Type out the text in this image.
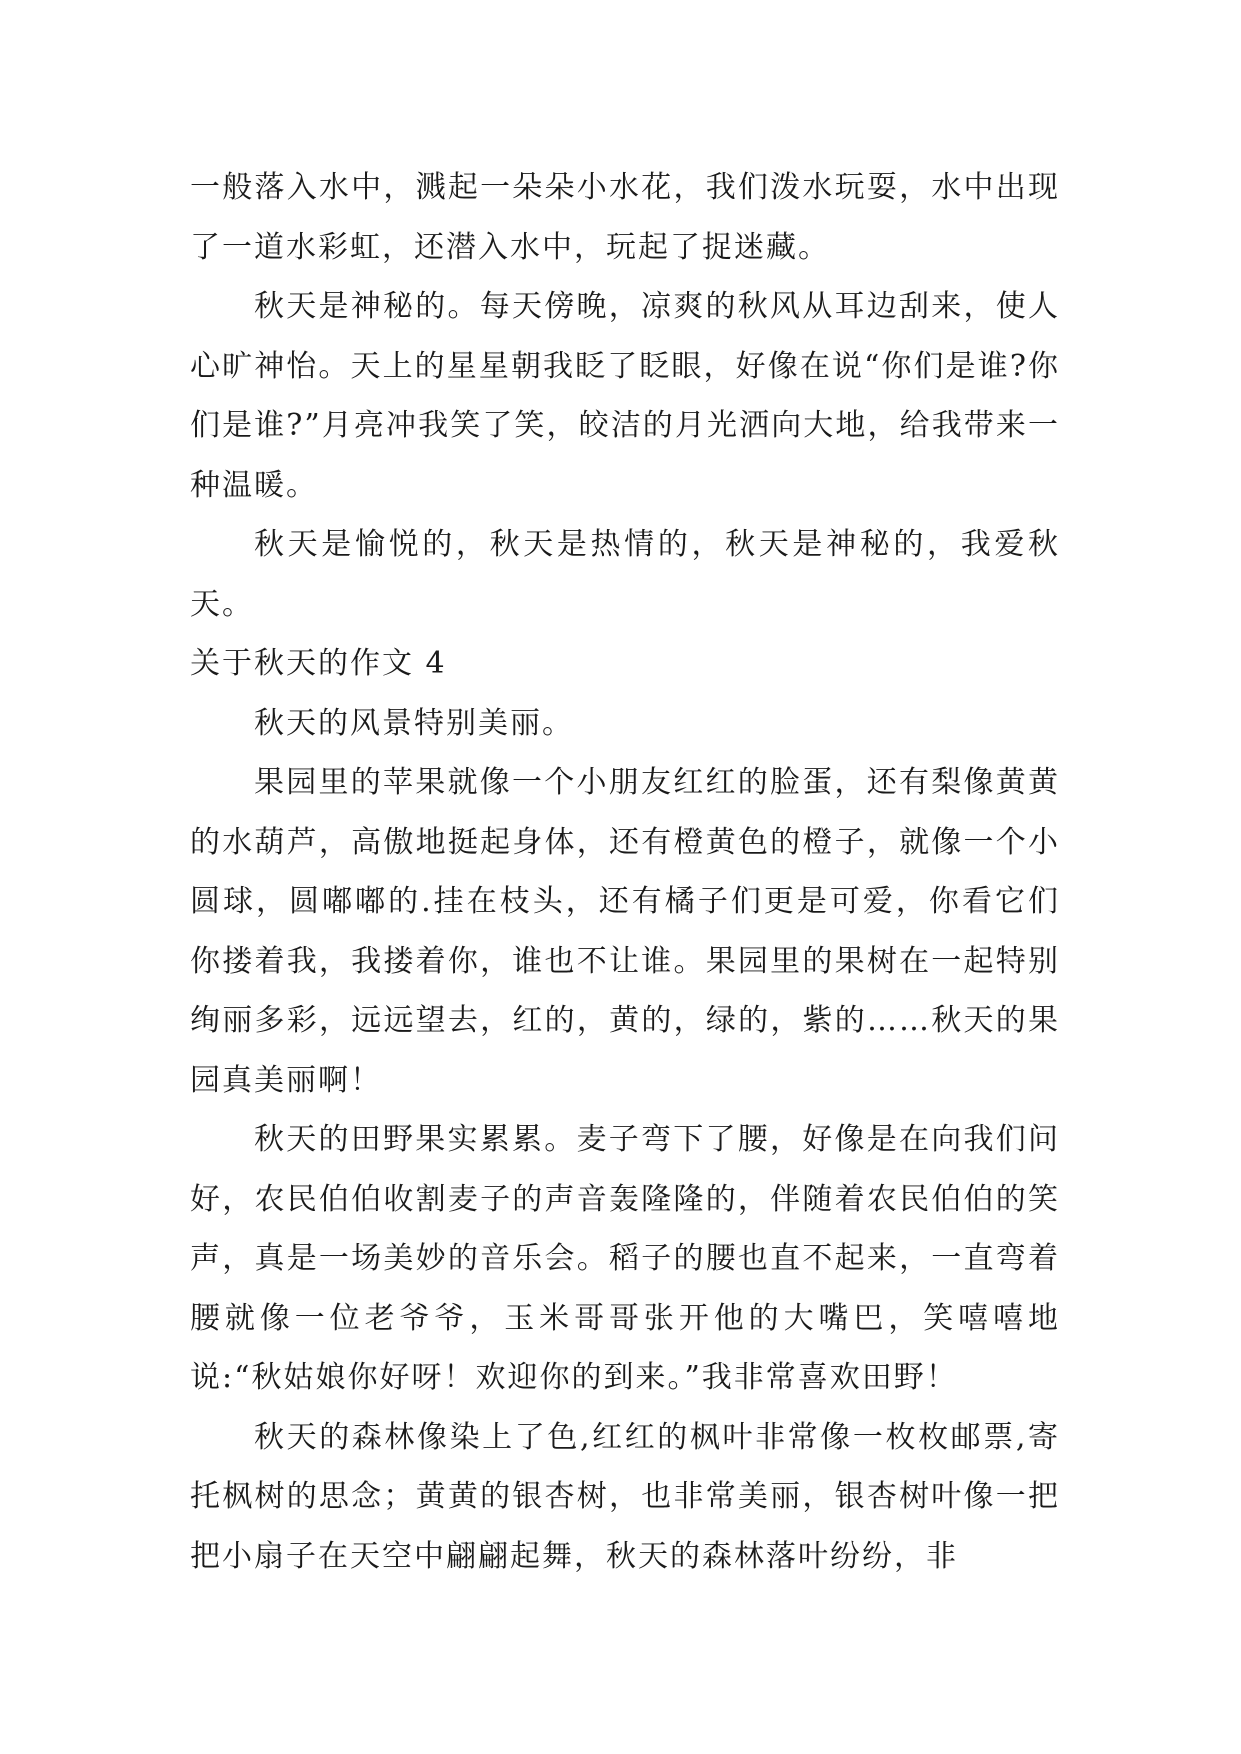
一般落入水中，溅起一朵朵小水花，我们泼水玩耍，水中出现了一道水彩虹，还潜入水中，玩起了捉迷藏。

秋天是神秘的。每天傍晚，凉爽的秋风从耳边刮来，使人心旷神怡。天上的星星朝我眨了眨眼，好像在说“你们是谁?你们是谁?”月亮冲我笑了笑，皎洁的月光洒向大地，给我带来一种温暖。

秋天是愉悦的，秋天是热情的，秋天是神秘的，我爱秋天。

关于秋天的作文 4

秋天的风景特别美丽。

果园里的苹果就像一个小朋友红红的脸蛋，还有梨像黄黄的水葫芦，高傲地挺起身体，还有橙黄色的橙子，就像一个小圆球，圆嘟嘟的.挂在枝头，还有橘子们更是可爱，你看它们你搂着我，我搂着你，谁也不让谁。果园里的果树在一起特别绚丽多彩，远远望去，红的，黄的，绿的，紫的……秋天的果园真美丽啊！

秋天的田野果实累累。麦子弯下了腰，好像是在向我们问好，农民伯伯收割麦子的声音轰隆隆的，伴随着农民伯伯的笑声，真是一场美妙的音乐会。稻子的腰也直不起来，一直弯着腰就像一位老爷爷，玉米哥哥张开他的大嘴巴，笑嘻嘻地说:“秋姑娘你好呀！欢迎你的到来。”我非常喜欢田野！

秋天的森林像染上了色,红红的枫叶非常像一枚枚邮票,寄托枫树的思念；黄黄的银杏树，也非常美丽，银杏树叶像一把把小扇子在天空中翩翩起舞，秋天的森林落叶纷纷，非
